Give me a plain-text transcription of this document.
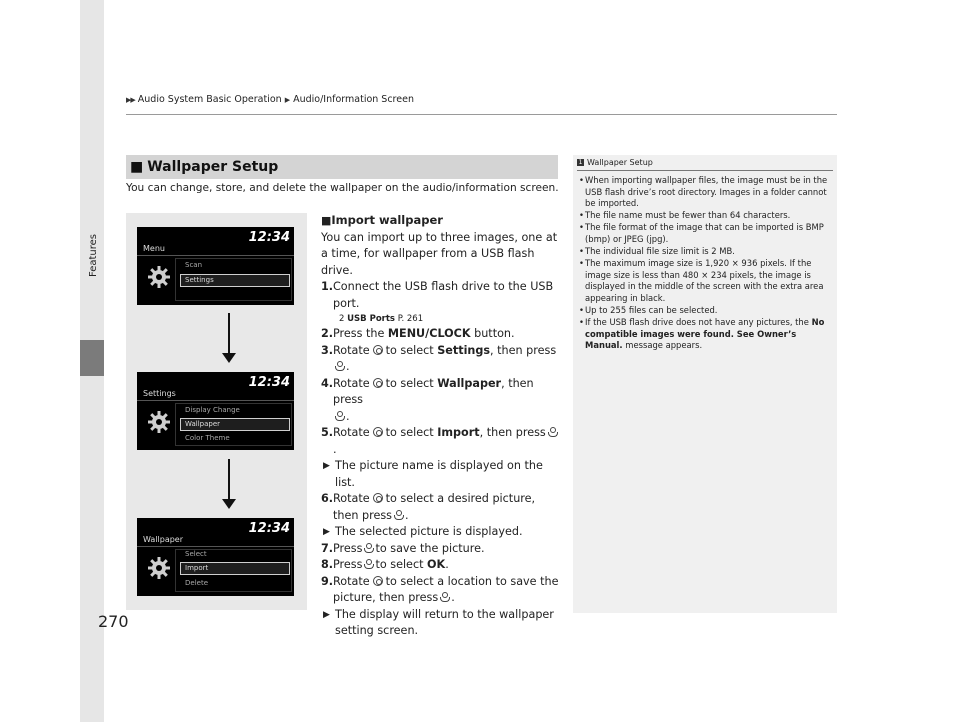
▶▶ Audio System Basic Operation ▶ Audio/Information Screen
Features
270
■ Wallpaper Setup
You can change, store, and delete the wallpaper on the audio/information screen.
12:34
Menu
Scan
Settings
12:34
Settings
Display Change
Wallpaper
Color Theme
12:34
Wallpaper
Select
Import
Delete
■Import wallpaper
You can import up to three images, one at a time, for wallpaper from a USB flash drive.
1. Connect the USB flash drive to the USB port.
2 USB Ports P. 261
2. Press the MENU/CLOCK button.
3. Rotate to select Settings, then press
.
4. Rotate to select Wallpaper, then press
.
5. Rotate to select Import, then press.
▶ The picture name is displayed on the list.
6. Rotate to select a desired picture, then press .
▶ The selected picture is displayed.
7. Press to save the picture.
8. Press to select OK.
9. Rotate to select a location to save the picture, then press .
▶ The display will return to the wallpaper setting screen.
1 Wallpaper Setup
• When importing wallpaper files, the image must be in the USB flash drive’s root directory. Images in a folder cannot be imported.
• The file name must be fewer than 64 characters.
• The file format of the image that can be imported is BMP (bmp) or JPEG (jpg).
• The individual file size limit is 2 MB.
• The maximum image size is 1,920 × 936 pixels. If the image size is less than 480 × 234 pixels, the image is displayed in the middle of the screen with the extra area appearing in black.
• Up to 255 files can be selected.
• If the USB flash drive does not have any pictures, the No compatible images were found. See Owner’s Manual. message appears.
